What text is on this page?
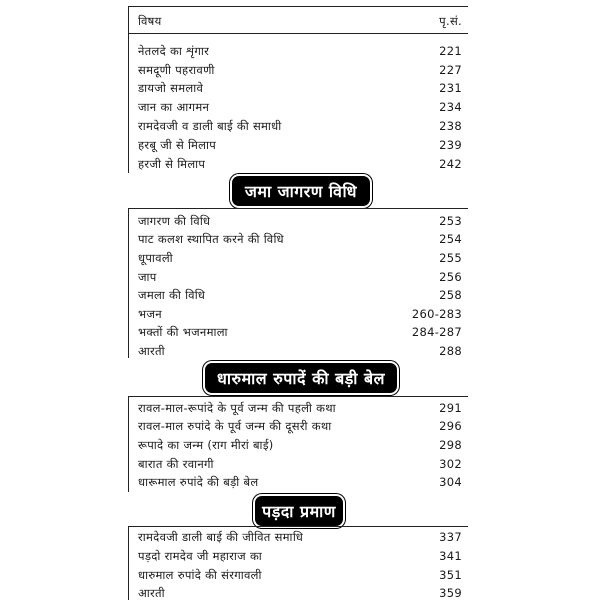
विषय	पृ.सं.
नेतलदे का शृंगार	221
समदूणी पहरावणी	227
डायजो समलावे	231
जान का आगमन	234
रामदेवजी व डाली बाई की समाधी	238
हरबू जी से मिलाप	239
हरजी से मिलाप	242
जमा जागरण विधि
जागरण की विधि	253
पाट कलश स्थापित करने की विधि	254
धूपावली	255
जाप	256
जमला की विधि	258
भजन	260-283
भक्तों की भजनमाला	284-287
आरती	288
धारुमाल रुपादें की बड़ी बेल
रावल-माल-रूपांदे के पूर्व जन्म की पहली कथा	291
रावल-माल रुपांदे के पूर्व जन्म की दूसरी कथा	296
रूपादे का जन्म (राग मीरां बाई)	298
बारात की रवानगी	302
धारूमाल रुपांदे की बड़ी बेल	304
पड़दा प्रमाण
रामदेवजी डाली बाई की जीवित समाधि	337
पड़दो रामदेव जी महाराज का	341
धारुमाल रुपांदे की संरगावली	351
आरती	359
